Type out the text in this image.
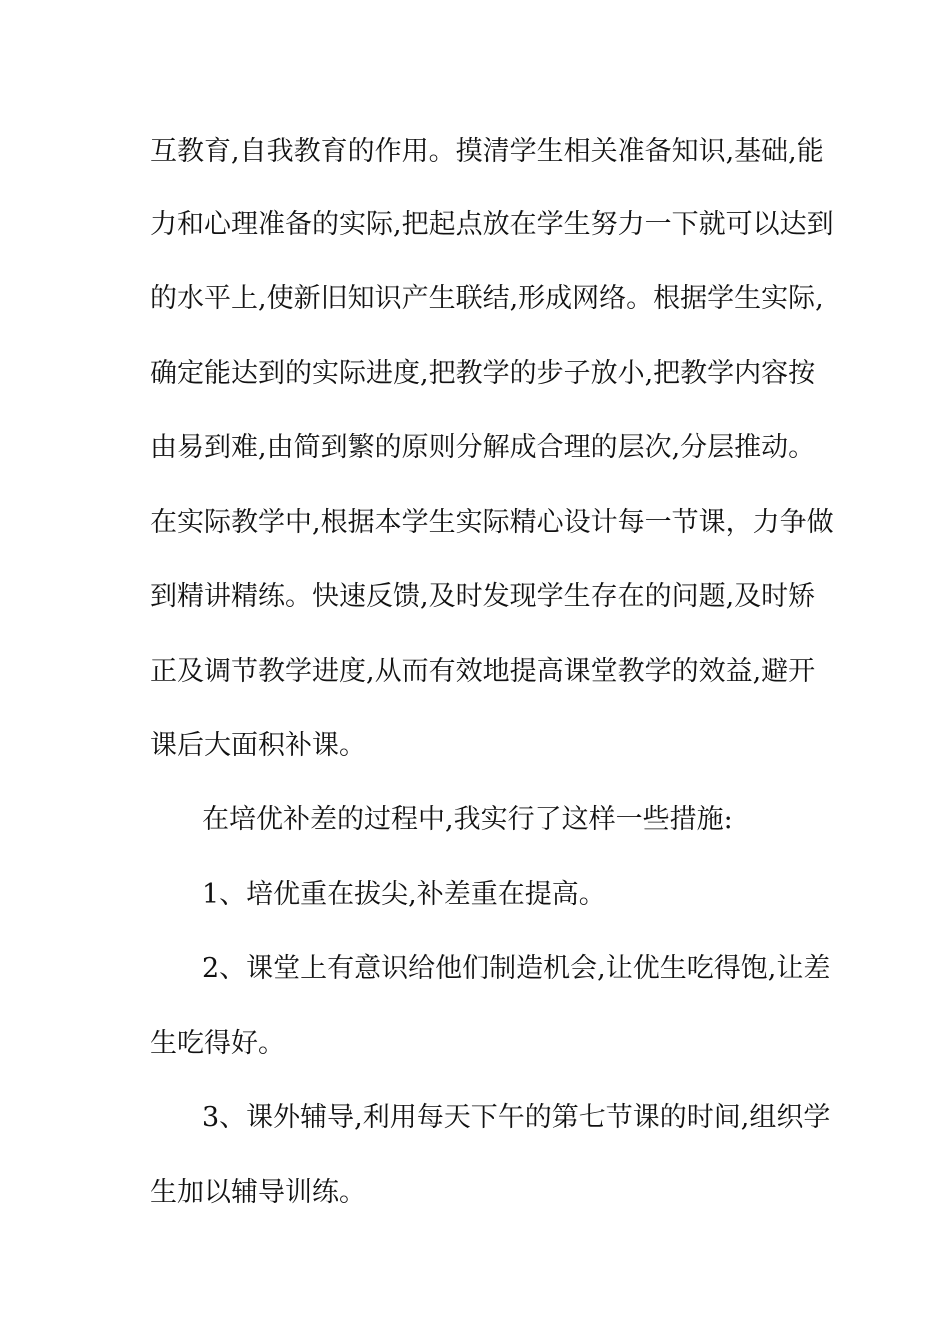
互教育,自我教育的作用。摸清学生相关准备知识,基础,能
力和心理准备的实际,把起点放在学生努力一下就可以达到
的水平上,使新旧知识产生联结,形成网络。根据学生实际,
确定能达到的实际进度,把教学的步子放小,把教学内容按
由易到难,由简到繁的原则分解成合理的层次,分层推动。
在实际教学中,根据本学生实际精心设计每一节课，力争做
到精讲精练。快速反馈,及时发现学生存在的问题,及时矫
正及调节教学进度,从而有效地提高课堂教学的效益,避开
课后大面积补课。
在培优补差的过程中,我实行了这样一些措施:
1、培优重在拔尖,补差重在提高。
2、课堂上有意识给他们制造机会,让优生吃得饱,让差
生吃得好。
3、课外辅导,利用每天下午的第七节课的时间,组织学
生加以辅导训练。
